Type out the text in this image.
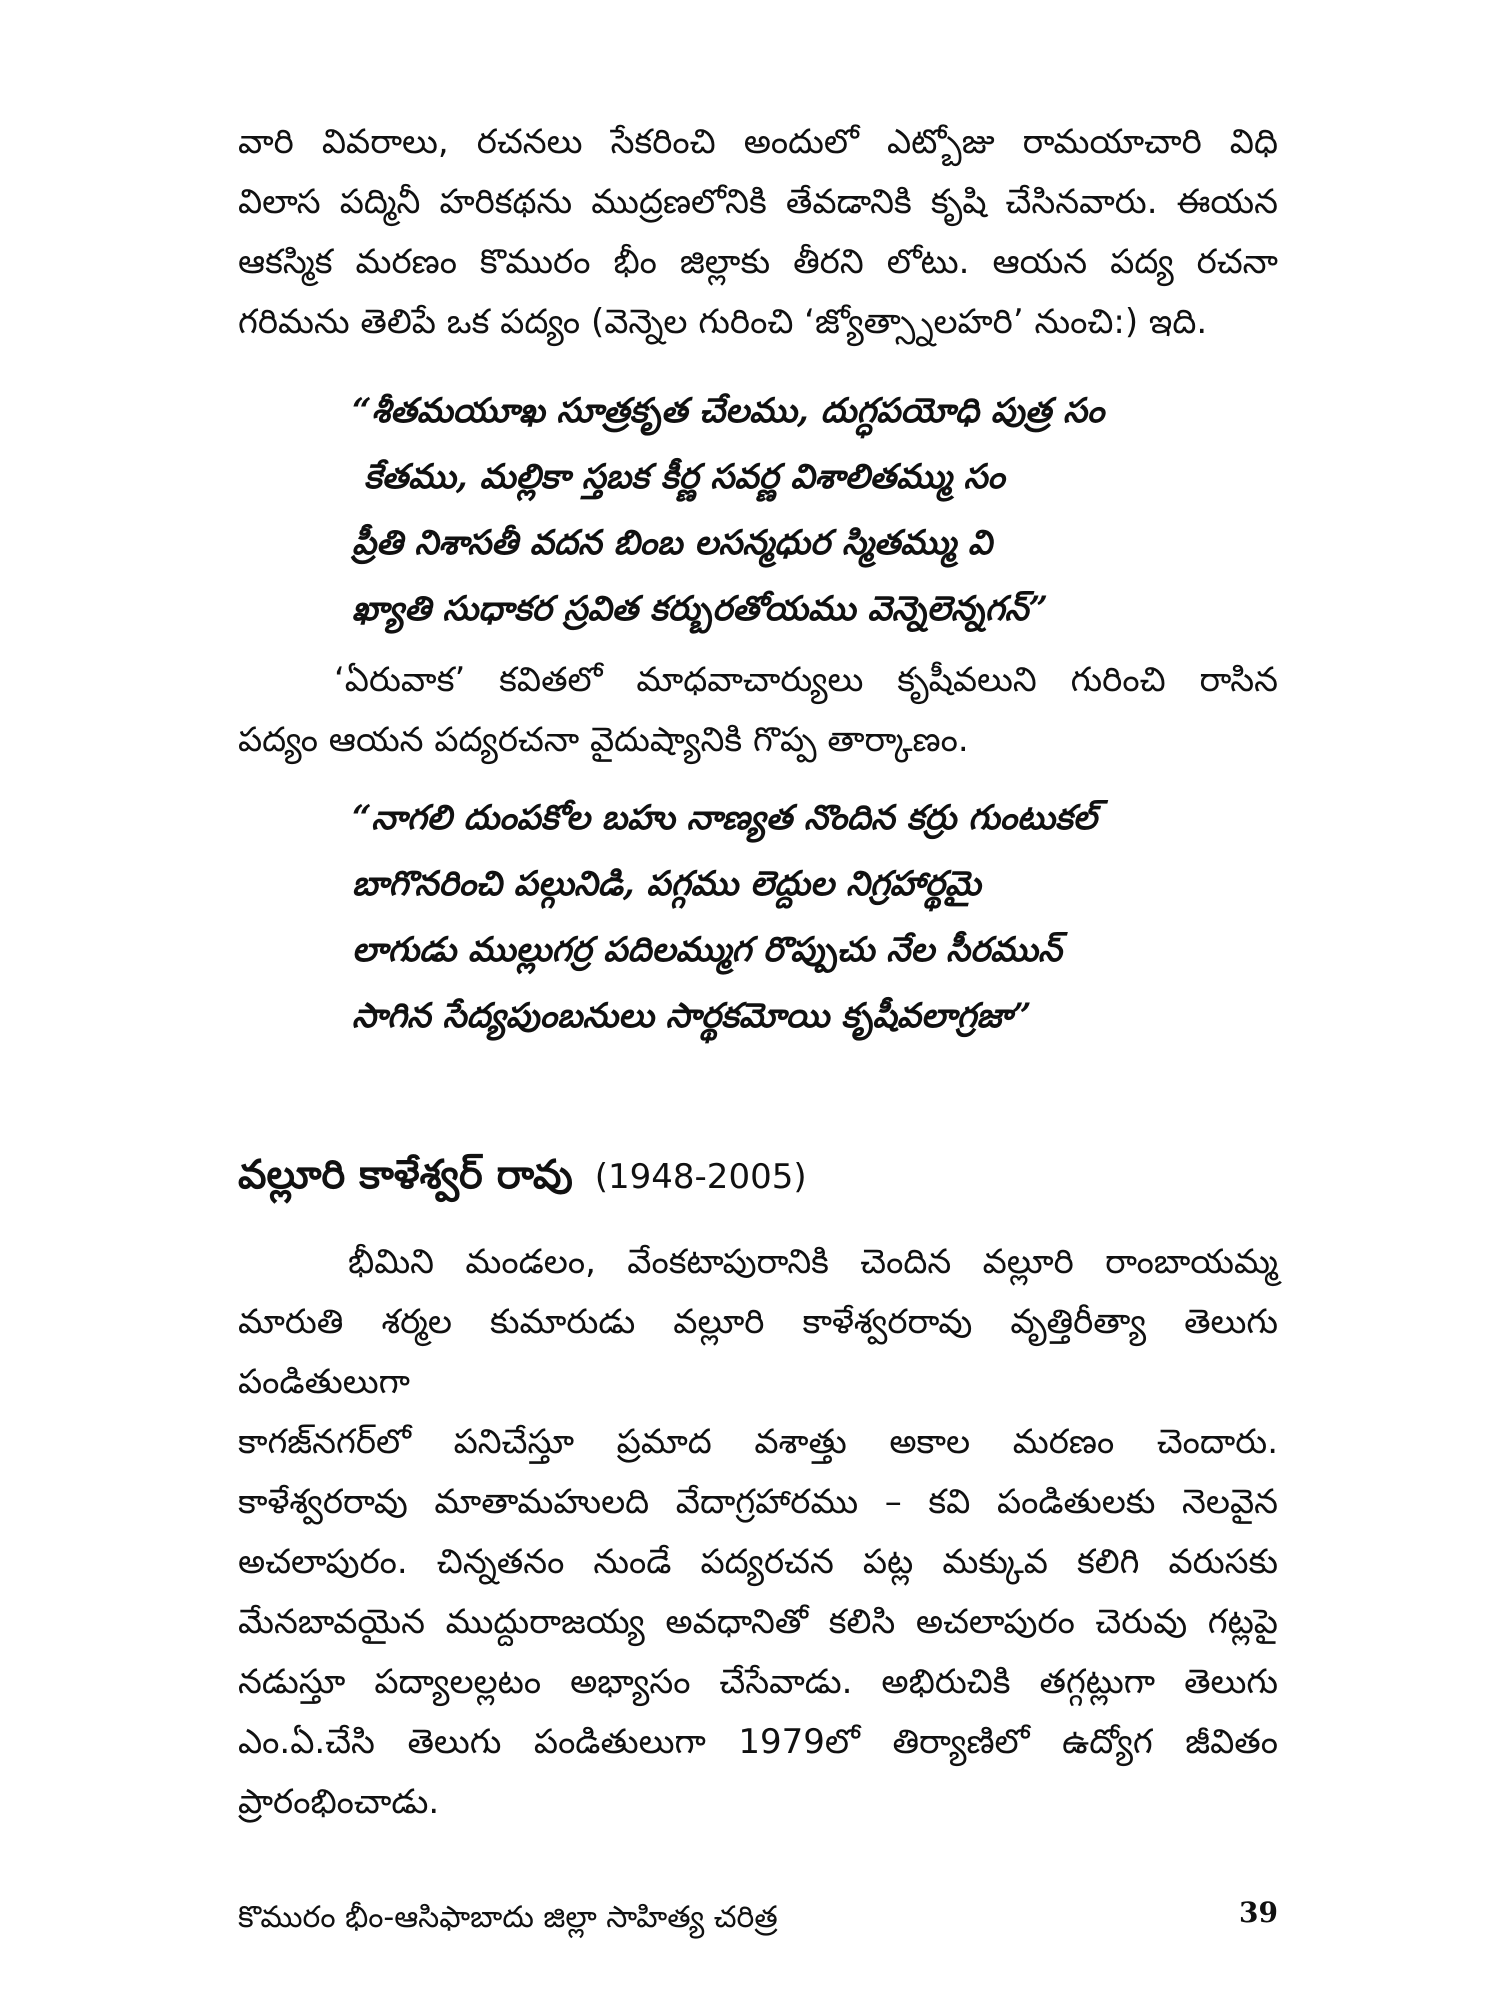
వారి వివరాలు, రచనలు సేకరించి అందులో ఎట్బోజు రామయాచారి విధి
విలాస పద్మినీ హరికథను ముద్రణలోనికి తేవడానికి కృషి చేసినవారు. ఈయన
ఆకస్మిక మరణం కొమురం భీం జిల్లాకు తీరని లోటు. ఆయన పద్య రచనా
గరిమను తెలిపే ఒక పద్యం (వెన్నెల గురించి ‘జ్యోత్స్నాలహరి’ నుంచి:) ఇది.

“శీతమయూఖ సూత్రకృత చేలము, దుగ్ధపయోధి పుత్ర సం
కేతము, మల్లికా స్తబక కీర్ణ సవర్ణ విశాలితమ్ము సం
ప్రీతి నిశాసతీ వదన బింబ లసన్మధుర స్మితమ్ము వి
ఖ్యాతి సుధాకర స్రవిత కర్బురతోయము వెన్నెలెన్నగన్”

‘ఏరువాక’ కవితలో మాధవాచార్యులు కృషీవలుని గురించి రాసిన
పద్యం ఆయన పద్యరచనా వైదుష్యానికి గొప్ప తార్కాణం.

“నాగలి దుంపకోల బహు నాణ్యత నొందిన కర్రు గుంటుకల్
బాగొనరించి పల్గునిడి, పగ్గము లెద్దుల నిగ్రహార్థమై
లాగుడు ముల్లుగర్ర పదిలమ్ముగ రొప్పుచు నేల సీరమున్
సాగిన సేద్యపుంబనులు సార్థకమోయి కృషీవలాగ్రజా”
వల్లూరి కాళేశ్వర్ రావు (1948-2005)

భీమిని మండలం, వేంకటాపురానికి చెందిన వల్లూరి రాంబాయమ్మ
మారుతి శర్మల కుమారుడు వల్లూరి కాళేశ్వరరావు వృత్తిరీత్యా తెలుగు పండితులుగా
కాగజ్‌నగర్‌లో పనిచేస్తూ ప్రమాద వశాత్తు అకాల మరణం చెందారు.
కాళేశ్వరరావు మాతామహులది వేదాగ్రహారము – కవి పండితులకు నెలవైన
అచలాపురం. చిన్నతనం నుండే పద్యరచన పట్ల మక్కువ కలిగి వరుసకు
మేనబావయైన ముద్దురాజయ్య అవధానితో కలిసి అచలాపురం చెరువు గట్లపై
నడుస్తూ పద్యాలల్లటం అభ్యాసం చేసేవాడు. అభిరుచికి తగ్గట్లుగా తెలుగు
ఎం.ఏ.చేసి తెలుగు పండితులుగా 1979లో తిర్యాణిలో ఉద్యోగ జీవితం
ప్రారంభించాడు.

కొమురం భీం-ఆసిఫాబాదు జిల్లా సాహిత్య చరిత్ర	39
